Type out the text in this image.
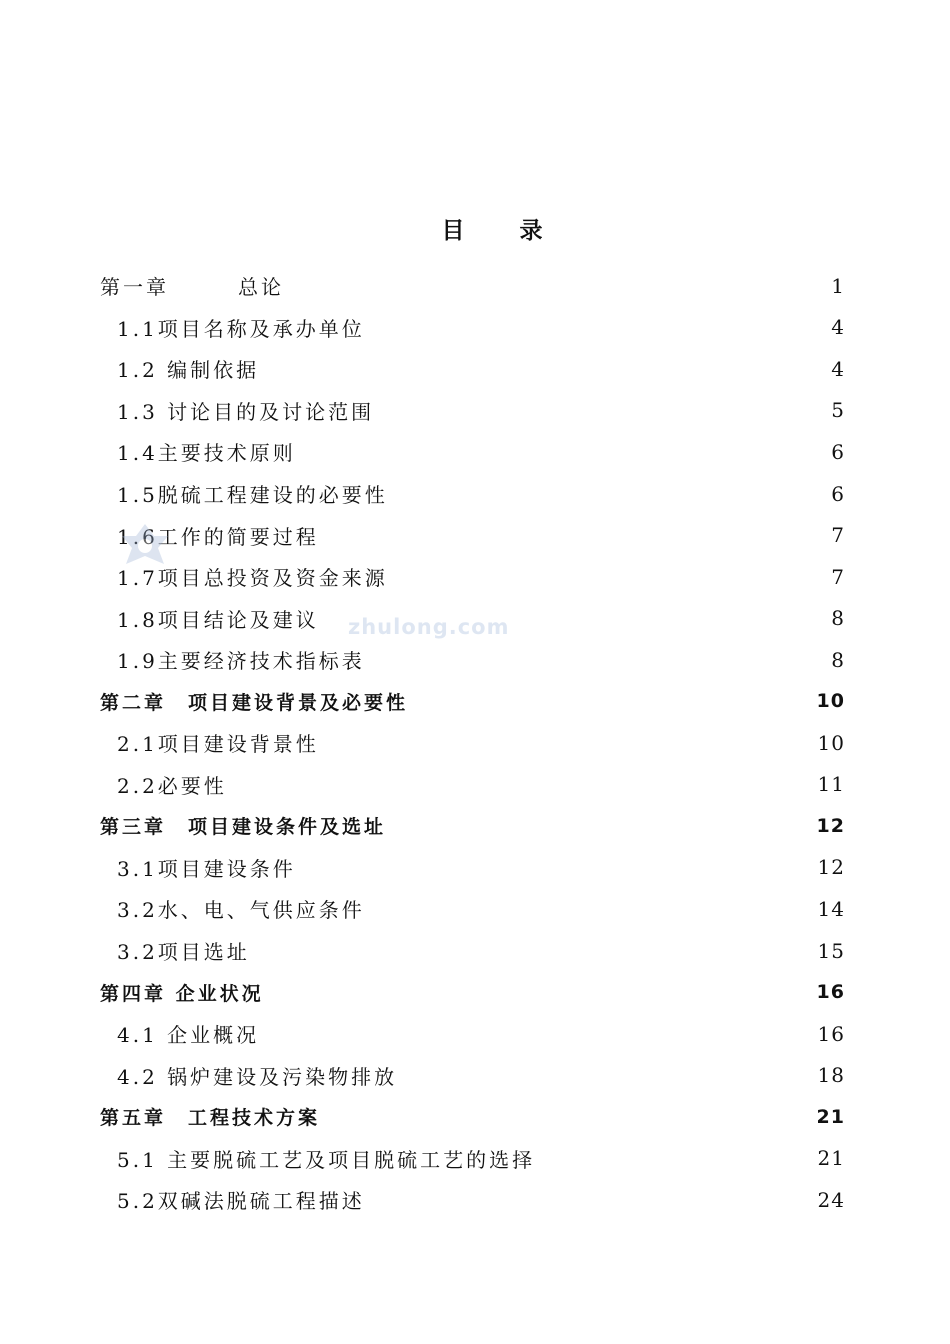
目　录
第一章　　　总论	1
1.1项目名称及承办单位	4
1.2 编制依据	4
1.3 讨论目的及讨论范围	5
1.4主要技术原则	6
1.5脱硫工程建设的必要性	6
1.6工作的简要过程	7
1.7项目总投资及资金来源	7
1.8项目结论及建议	8
1.9主要经济技术指标表	8
第二章　项目建设背景及必要性	10
2.1项目建设背景性	10
2.2必要性	11
第三章　项目建设条件及选址	12
3.1项目建设条件	12
3.2水、电、气供应条件	14
3.2项目选址	15
第四章 企业状况	16
4.1 企业概况	16
4.2 锅炉建设及污染物排放	18
第五章　工程技术方案	21
5.1 主要脱硫工艺及项目脱硫工艺的选择	21
5.2双碱法脱硫工程描述	24
zhulong.com
